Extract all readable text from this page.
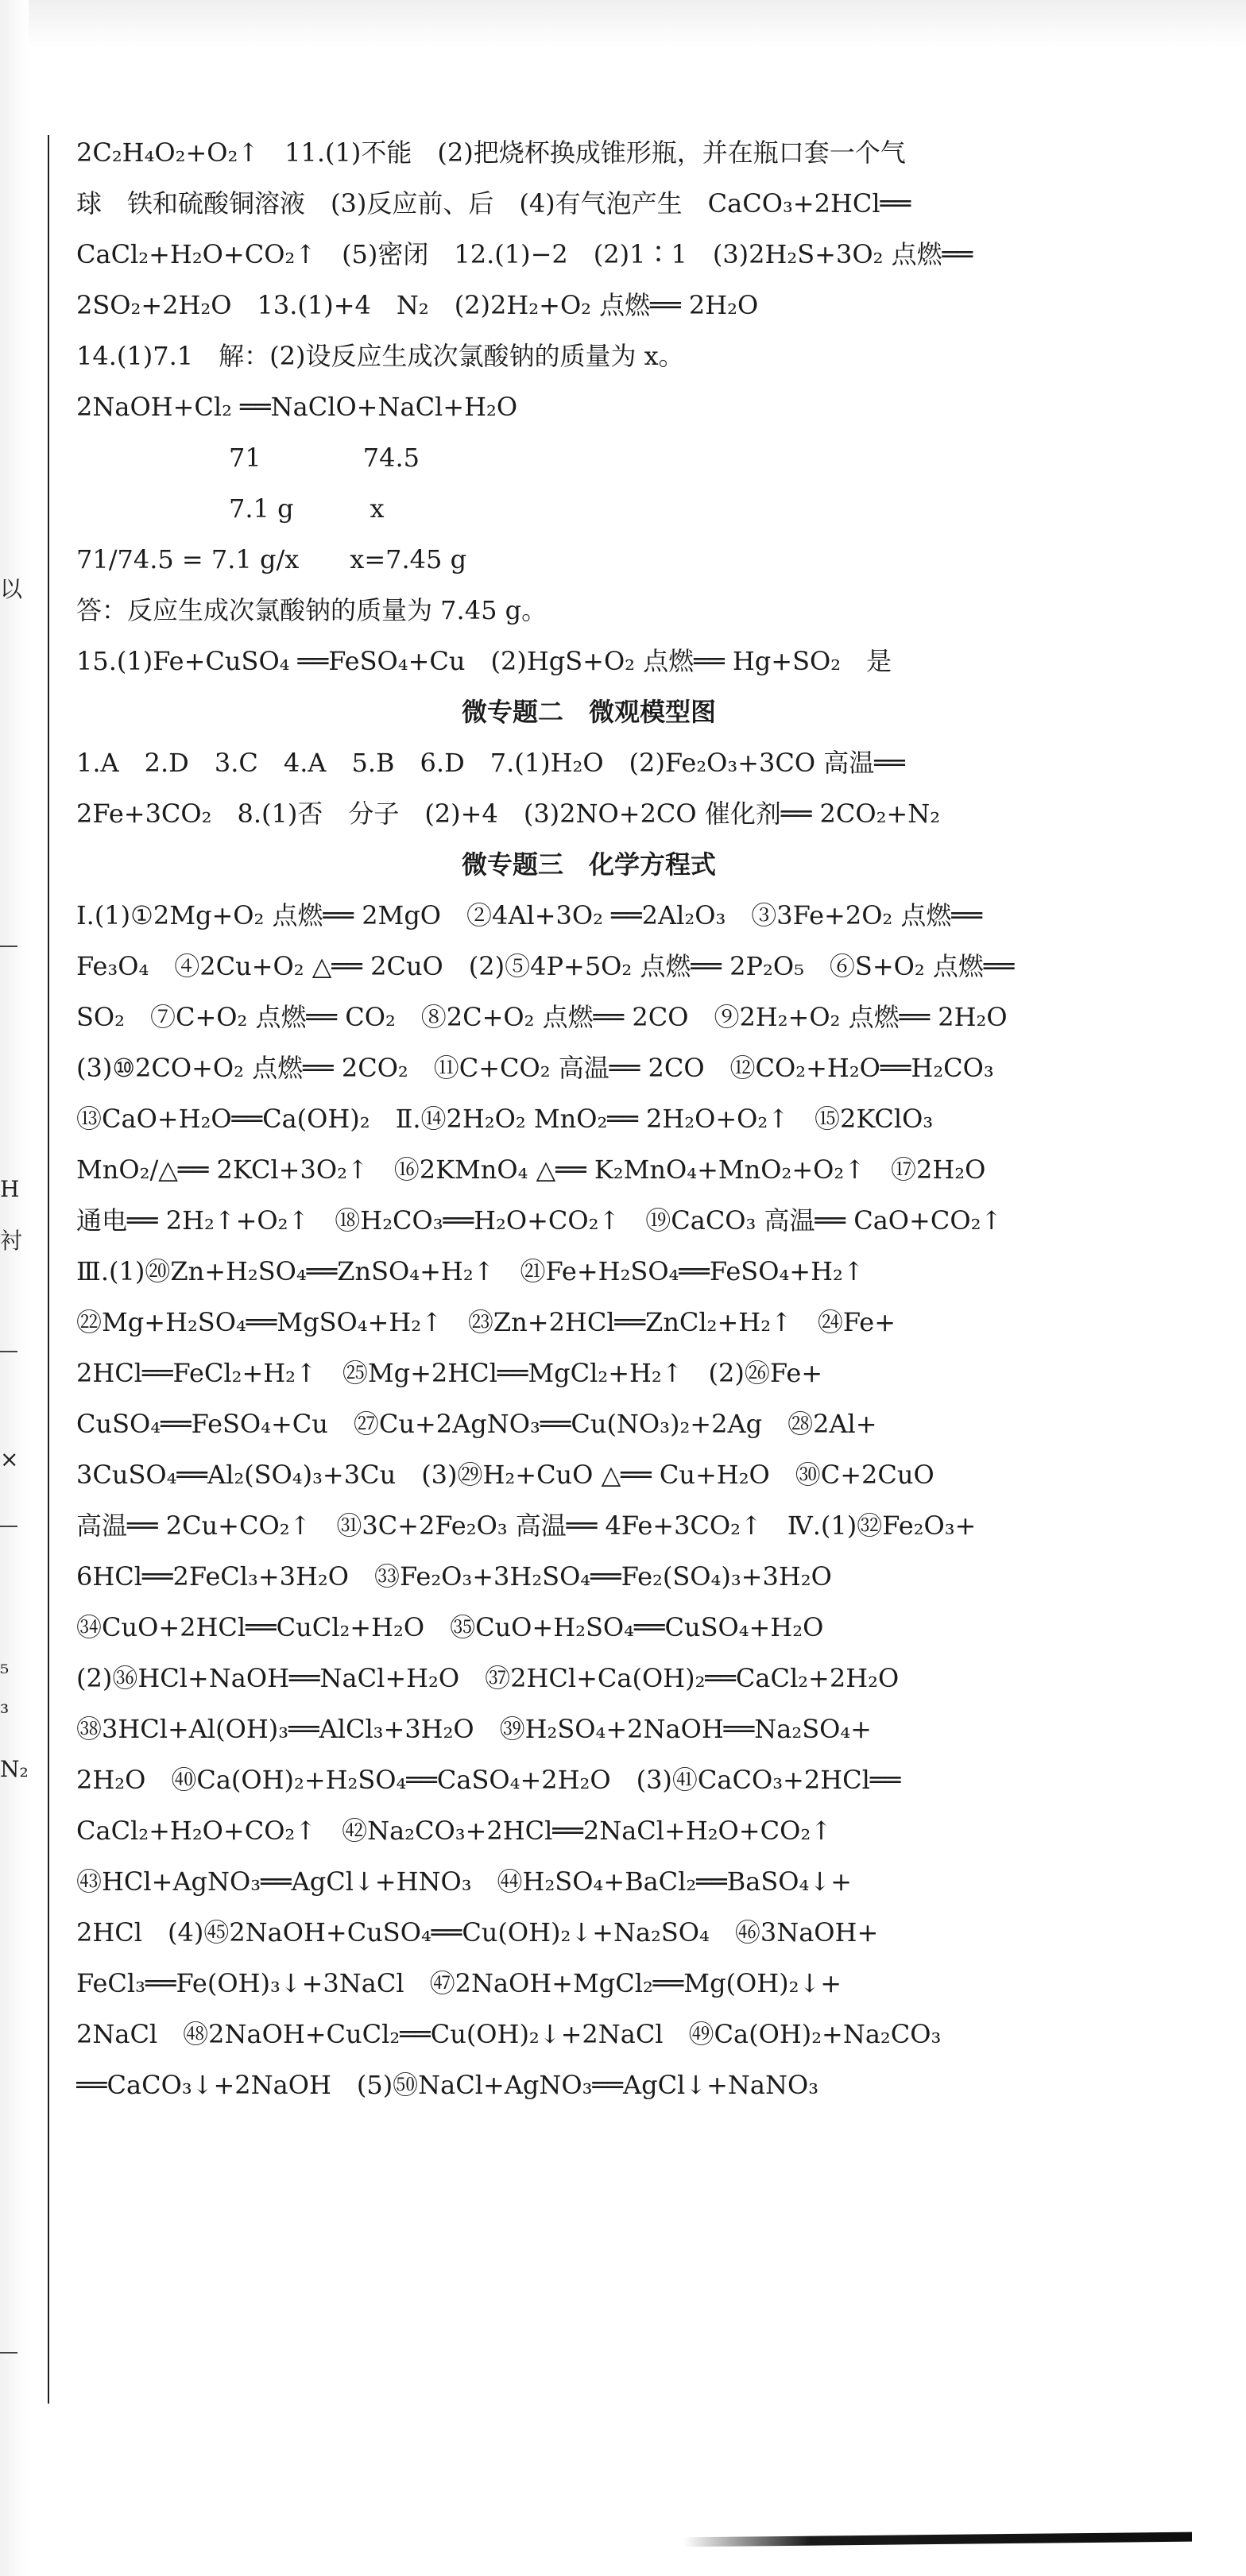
以
H
衬
×
₅
₃
N₂
2C₂H₄O₂+O₂↑　11.(1)不能　(2)把烧杯换成锥形瓶，并在瓶口套一个气
球　铁和硫酸铜溶液　(3)反应前、后　(4)有气泡产生　CaCO₃+2HCl══
CaCl₂+H₂O+CO₂↑　(5)密闭　12.(1)−2　(2)1∶1　(3)2H₂S+3O₂ 点燃══
2SO₂+2H₂O　13.(1)+4　N₂　(2)2H₂+O₂ 点燃══ 2H₂O
14.(1)7.1　解：(2)设反应生成次氯酸钠的质量为 x。
2NaOH+Cl₂ ══NaClO+NaCl+H₂O
　　　　　　71　　　　74.5
　　　　　　7.1 g　　　x
71/74.5 = 7.1 g/x　　x=7.45 g
答：反应生成次氯酸钠的质量为 7.45 g。
15.(1)Fe+CuSO₄ ══FeSO₄+Cu　(2)HgS+O₂ 点燃══ Hg+SO₂　是
微专题二　微观模型图
1.A　2.D　3.C　4.A　5.B　6.D　7.(1)H₂O　(2)Fe₂O₃+3CO 高温══
2Fe+3CO₂　8.(1)否　分子　(2)+4　(3)2NO+2CO 催化剂══ 2CO₂+N₂
微专题三　化学方程式
Ⅰ.(1)①2Mg+O₂ 点燃══ 2MgO　②4Al+3O₂ ══2Al₂O₃　③3Fe+2O₂ 点燃══
Fe₃O₄　④2Cu+O₂ △══ 2CuO　(2)⑤4P+5O₂ 点燃══ 2P₂O₅　⑥S+O₂ 点燃══
SO₂　⑦C+O₂ 点燃══ CO₂　⑧2C+O₂ 点燃══ 2CO　⑨2H₂+O₂ 点燃══ 2H₂O
(3)⑩2CO+O₂ 点燃══ 2CO₂　⑪C+CO₂ 高温══ 2CO　⑫CO₂+H₂O══H₂CO₃
⑬CaO+H₂O══Ca(OH)₂　Ⅱ.⑭2H₂O₂ MnO₂══ 2H₂O+O₂↑　⑮2KClO₃
MnO₂/△══ 2KCl+3O₂↑　⑯2KMnO₄ △══ K₂MnO₄+MnO₂+O₂↑　⑰2H₂O
通电══ 2H₂↑+O₂↑　⑱H₂CO₃══H₂O+CO₂↑　⑲CaCO₃ 高温══ CaO+CO₂↑
Ⅲ.(1)⑳Zn+H₂SO₄══ZnSO₄+H₂↑　㉑Fe+H₂SO₄══FeSO₄+H₂↑
㉒Mg+H₂SO₄══MgSO₄+H₂↑　㉓Zn+2HCl══ZnCl₂+H₂↑　㉔Fe+
2HCl══FeCl₂+H₂↑　㉕Mg+2HCl══MgCl₂+H₂↑　(2)㉖Fe+
CuSO₄══FeSO₄+Cu　㉗Cu+2AgNO₃══Cu(NO₃)₂+2Ag　㉘2Al+
3CuSO₄══Al₂(SO₄)₃+3Cu　(3)㉙H₂+CuO △══ Cu+H₂O　㉚C+2CuO
高温══ 2Cu+CO₂↑　㉛3C+2Fe₂O₃ 高温══ 4Fe+3CO₂↑　Ⅳ.(1)㉜Fe₂O₃+
6HCl══2FeCl₃+3H₂O　㉝Fe₂O₃+3H₂SO₄══Fe₂(SO₄)₃+3H₂O
㉞CuO+2HCl══CuCl₂+H₂O　㉟CuO+H₂SO₄══CuSO₄+H₂O
(2)㊱HCl+NaOH══NaCl+H₂O　㊲2HCl+Ca(OH)₂══CaCl₂+2H₂O
㊳3HCl+Al(OH)₃══AlCl₃+3H₂O　㊴H₂SO₄+2NaOH══Na₂SO₄+
2H₂O　㊵Ca(OH)₂+H₂SO₄══CaSO₄+2H₂O　(3)㊶CaCO₃+2HCl══
CaCl₂+H₂O+CO₂↑　㊷Na₂CO₃+2HCl══2NaCl+H₂O+CO₂↑
㊸HCl+AgNO₃══AgCl↓+HNO₃　㊹H₂SO₄+BaCl₂══BaSO₄↓+
2HCl　(4)㊺2NaOH+CuSO₄══Cu(OH)₂↓+Na₂SO₄　㊻3NaOH+
FeCl₃══Fe(OH)₃↓+3NaCl　㊼2NaOH+MgCl₂══Mg(OH)₂↓+
2NaCl　㊽2NaOH+CuCl₂══Cu(OH)₂↓+2NaCl　㊾Ca(OH)₂+Na₂CO₃
══CaCO₃↓+2NaOH　(5)㊿NaCl+AgNO₃══AgCl↓+NaNO₃
